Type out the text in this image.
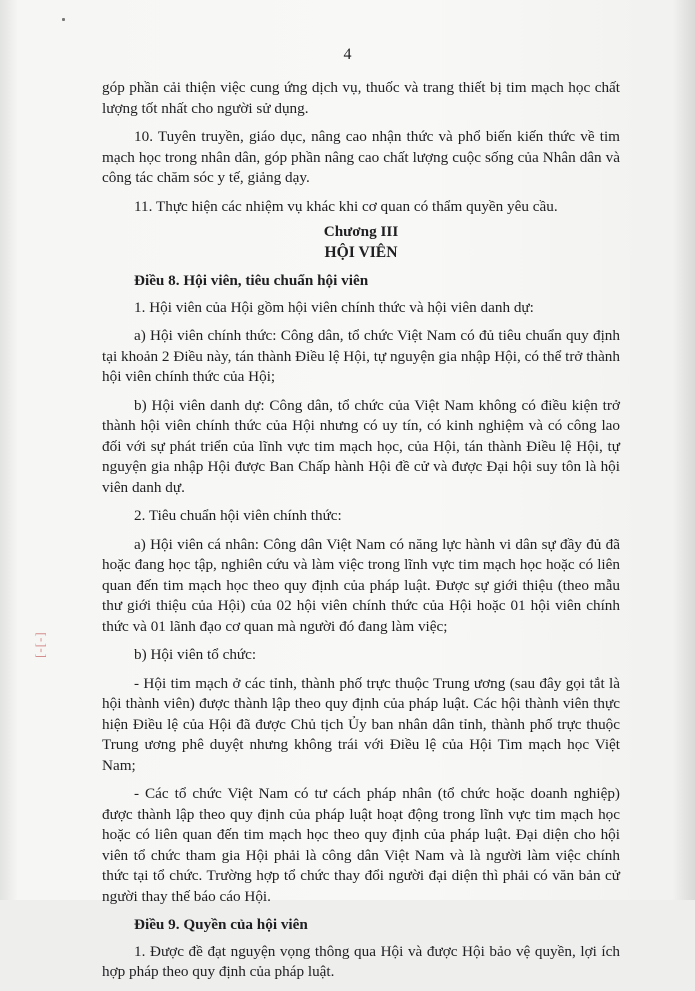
4
[-[-]

góp phần cải thiện việc cung ứng dịch vụ, thuốc và trang thiết bị tim mạch học chất lượng tốt nhất cho người sử dụng.

10. Tuyên truyền, giáo dục, nâng cao nhận thức và phổ biến kiến thức về tim mạch học trong nhân dân, góp phần nâng cao chất lượng cuộc sống của Nhân dân và công tác chăm sóc y tế, giảng dạy.

11. Thực hiện các nhiệm vụ khác khi cơ quan có thẩm quyền yêu cầu.

Chương III
HỘI VIÊN

Điều 8. Hội viên, tiêu chuẩn hội viên

1. Hội viên của Hội gồm hội viên chính thức và hội viên danh dự:

a) Hội viên chính thức: Công dân, tổ chức Việt Nam có đủ tiêu chuẩn quy định tại khoản 2 Điều này, tán thành Điều lệ Hội, tự nguyện gia nhập Hội, có thể trở thành hội viên chính thức của Hội;

b) Hội viên danh dự: Công dân, tổ chức của Việt Nam không có điều kiện trở thành hội viên chính thức của Hội nhưng có uy tín, có kinh nghiệm và có công lao đối với sự phát triển của lĩnh vực tim mạch học, của Hội, tán thành Điều lệ Hội, tự nguyện gia nhập Hội được Ban Chấp hành Hội đề cử và được Đại hội suy tôn là hội viên danh dự.

2. Tiêu chuẩn hội viên chính thức:

a) Hội viên cá nhân: Công dân Việt Nam có năng lực hành vi dân sự đầy đủ đã hoặc đang học tập, nghiên cứu và làm việc trong lĩnh vực tim mạch học hoặc có liên quan đến tim mạch học theo quy định của pháp luật. Được sự giới thiệu (theo mẫu thư giới thiệu của Hội) của 02 hội viên chính thức của Hội hoặc 01 hội viên chính thức và 01 lãnh đạo cơ quan mà người đó đang làm việc;

b) Hội viên tổ chức:

- Hội tim mạch ở các tỉnh, thành phố trực thuộc Trung ương (sau đây gọi tắt là hội thành viên) được thành lập theo quy định của pháp luật. Các hội thành viên thực hiện Điều lệ của Hội đã được Chủ tịch Ủy ban nhân dân tỉnh, thành phố trực thuộc Trung ương phê duyệt nhưng không trái với Điều lệ của Hội Tim mạch học Việt Nam;

- Các tổ chức Việt Nam có tư cách pháp nhân (tổ chức hoặc doanh nghiệp) được thành lập theo quy định của pháp luật hoạt động trong lĩnh vực tim mạch học hoặc có liên quan đến tim mạch học theo quy định của pháp luật. Đại diện cho hội viên tổ chức tham gia Hội phải là công dân Việt Nam và là người làm việc chính thức tại tổ chức. Trường hợp tổ chức thay đổi người đại diện thì phải có văn bản cử người thay thế báo cáo Hội.

Điều 9. Quyền của hội viên

1. Được đề đạt nguyện vọng thông qua Hội và được Hội bảo vệ quyền, lợi ích hợp pháp theo quy định của pháp luật.
